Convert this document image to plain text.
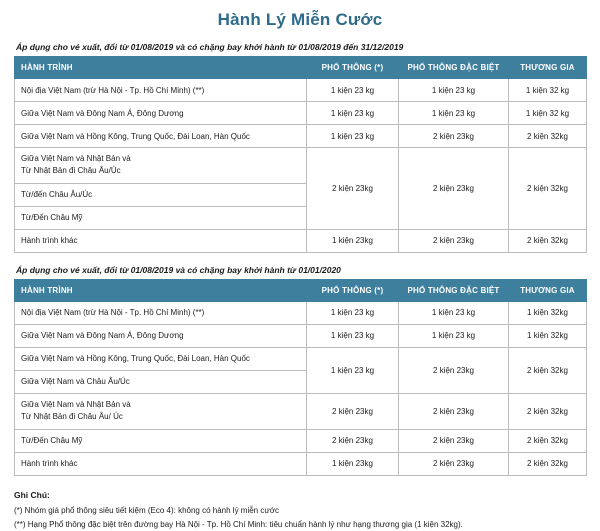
Hành Lý Miễn Cước
Áp dụng cho vé xuất, đổi từ 01/08/2019 và có chặng bay khởi hành từ 01/08/2019 đến 31/12/2019
HÀNH TRÌNH	PHỔ THÔNG (*)	PHỔ THÔNG ĐẶC BIỆT	THƯƠNG GIA
Nội địa Việt Nam (trừ Hà Nội - Tp. Hồ Chí Minh) (**)	1 kiện 23 kg	1 kiện 23 kg	1 kiện 32 kg
Giữa Việt Nam và Đông Nam Á, Đông Dương	1 kiện 23 kg	1 kiện 23 kg	1 kiện 32 kg
Giữa Việt Nam và Hồng Kông, Trung Quốc, Đài Loan, Hàn Quốc	1 kiện 23 kg	2 kiện 23kg	2 kiện 32kg
Giữa Việt Nam và Nhật Bản và
Từ Nhật Bản đi Châu Âu/Úc	2 kiện 23kg	2 kiện 23kg	2 kiện 32kg
Từ/đến Châu Âu/Úc			
Từ/Đến Châu Mỹ			
Hành trình khác	1 kiện 23kg	2 kiện 23kg	2 kiện 32kg
Áp dụng cho vé xuất, đổi từ 01/08/2019 và có chặng bay khởi hành từ 01/01/2020
HÀNH TRÌNH	PHỔ THÔNG (*)	PHỔ THÔNG ĐẶC BIỆT	THƯƠNG GIA
Nội địa Việt Nam (trừ Hà Nội - Tp. Hồ Chí Minh) (**)	1 kiện 23 kg	1 kiện 23 kg	1 kiện 32kg
Giữa Việt Nam và Đông Nam Á, Đông Dương	1 kiện 23 kg	1 kiện 23 kg	1 kiện 32kg
Giữa Việt Nam và Hồng Kông, Trung Quốc, Đài Loan, Hàn Quốc	1 kiện 23 kg	2 kiện 23kg	2 kiện 32kg
Giữa Việt Nam và Châu Âu/Úc			
Giữa Việt Nam và Nhật Bản và
Từ Nhật Bản đi Châu Âu/ Úc	2 kiện 23kg	2 kiện 23kg	2 kiện 32kg
Từ/Đến Châu Mỹ	2 kiện 23kg	2 kiện 23kg	2 kiện 32kg
Hành trình khác	1 kiện 23kg	2 kiện 23kg	2 kiện 32kg
Ghi Chú:
(*) Nhóm giá phổ thông siêu tiết kiệm (Eco 4): không có hành lý miễn cước
(**) Hạng Phổ thông đặc biệt trên đường bay Hà Nội - Tp. Hồ Chí Minh: tiêu chuẩn hành lý như hạng thương gia (1 kiện 32kg).
